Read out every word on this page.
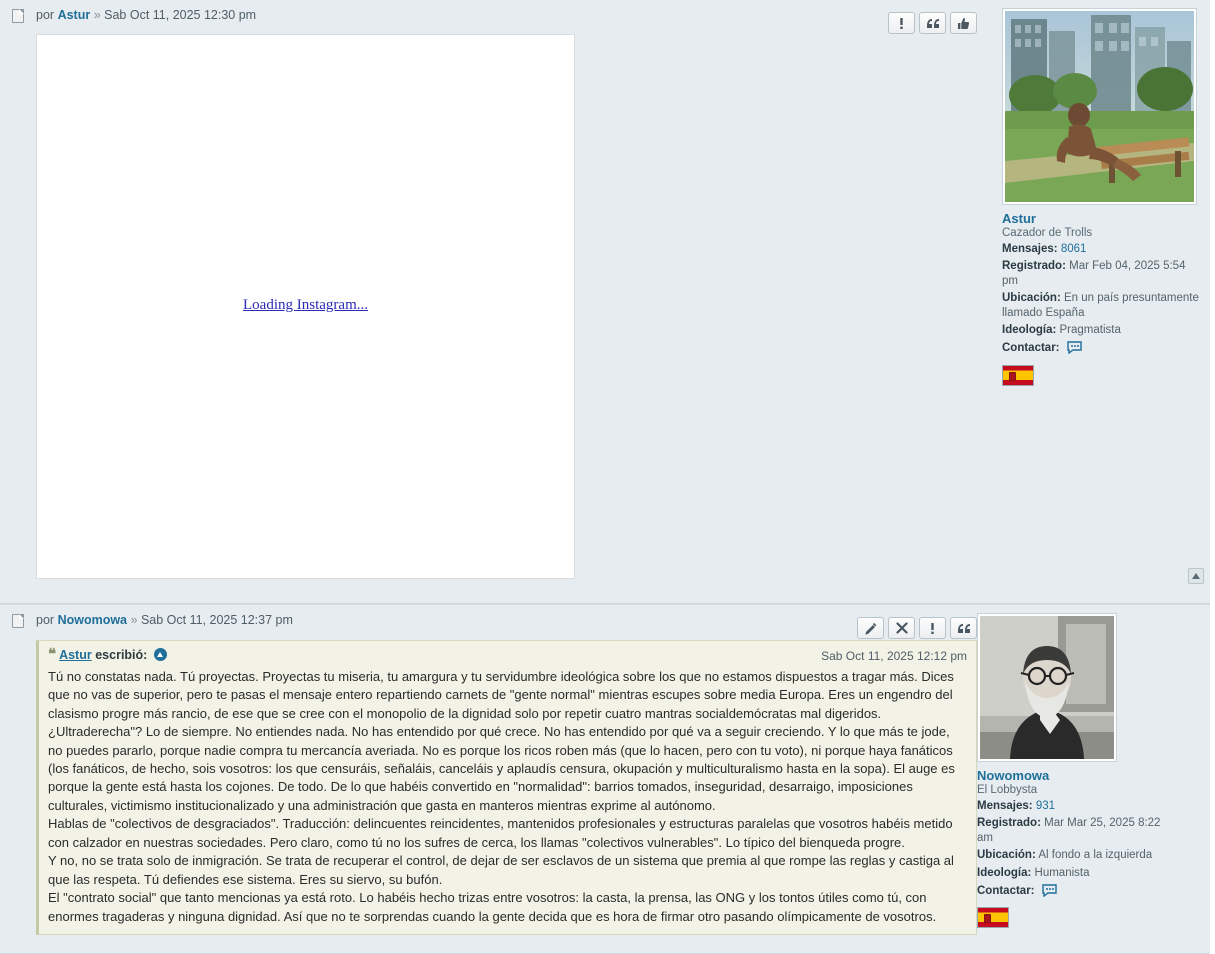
por Astur » Sab Oct 11, 2025 12:30 pm
Loading Instagram...
Astur
Cazador de Trolls
Mensajes: 8061
Registrado: Mar Feb 04, 2025 5:54 pm
Ubicación: En un país presuntamente llamado España
Ideología: Pragmatista
Contactar:
por Nowomowa » Sab Oct 11, 2025 12:37 pm
❝ Astur escribió:	Sab Oct 11, 2025 12:12 pm

Tú no constatas nada. Tú proyectas. Proyectas tu miseria, tu amargura y tu servidumbre ideológica sobre los que no estamos dispuestos a tragar más. Dices que no vas de superior, pero te pasas el mensaje entero repartiendo carnets de "gente normal" mientras escupes sobre media Europa. Eres un engendro del clasismo progre más rancio, de ese que se cree con el monopolio de la dignidad solo por repetir cuatro mantras socialdemócratas mal digeridos.

¿Ultraderecha"? Lo de siempre. No entiendes nada. No has entendido por qué crece. No has entendido por qué va a seguir creciendo. Y lo que más te jode, no puedes pararlo, porque nadie compra tu mercancía averiada. No es porque los ricos roben más (que lo hacen, pero con tu voto), ni porque haya fanáticos (los fanáticos, de hecho, sois vosotros: los que censuráis, señaláis, canceláis y aplaudís censura, okupación y multiculturalismo hasta en la sopa). El auge es porque la gente está hasta los cojones. De todo. De lo que habéis convertido en "normalidad": barrios tomados, inseguridad, desarraigo, imposiciones culturales, victimismo institucionalizado y una administración que gasta en manteros mientras exprime al autónomo.

Hablas de "colectivos de desgraciados". Traducción: delincuentes reincidentes, mantenidos profesionales y estructuras paralelas que vosotros habéis metido con calzador en nuestras sociedades. Pero claro, como tú no los sufres de cerca, los llamas "colectivos vulnerables". Lo típico del bienqueda progre.

Y no, no se trata solo de inmigración. Se trata de recuperar el control, de dejar de ser esclavos de un sistema que premia al que rompe las reglas y castiga al que las respeta. Tú defiendes ese sistema. Eres su siervo, su bufón.

El "contrato social" que tanto mencionas ya está roto. Lo habéis hecho trizas entre vosotros: la casta, la prensa, las ONG y los tontos útiles como tú, con enormes tragaderas y ninguna dignidad. Así que no te sorprendas cuando la gente decida que es hora de firmar otro pasando olímpicamente de vosotros.

Nowomowa
El Lobbysta
Mensajes: 931
Registrado: Mar Mar 25, 2025 8:22 am
Ubicación: Al fondo a la izquierda
Ideología: Humanista
Contactar:
